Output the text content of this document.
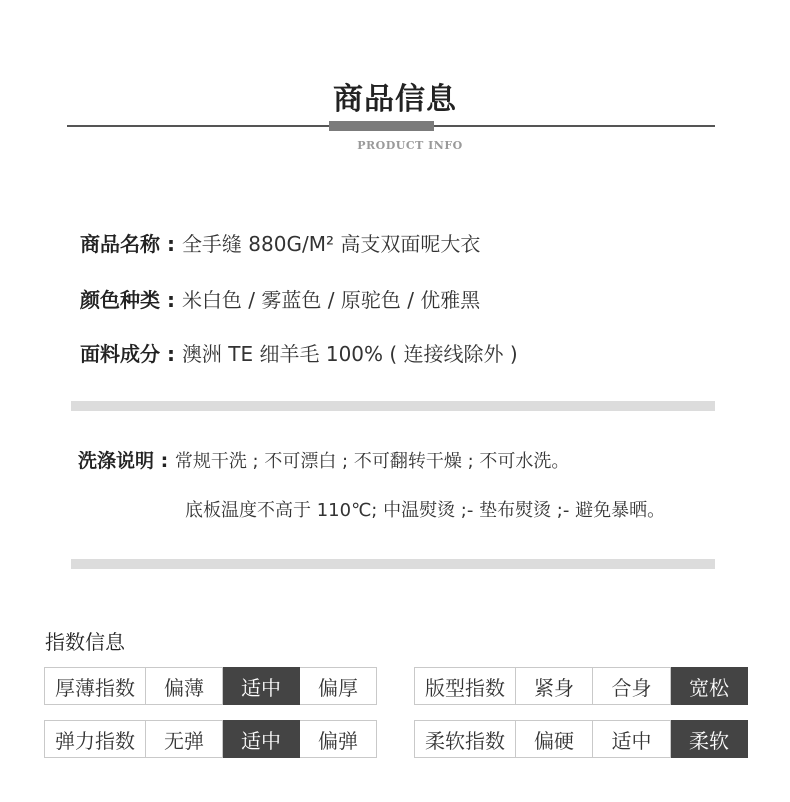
商品信息
PRODUCT INFO
商品名称 : 全手缝 880G/M² 高支双面呢大衣
颜色种类 : 米白色 / 雾蓝色 / 原驼色 / 优雅黑
面料成分 : 澳洲 TE 细羊毛 100% ( 连接线除外 )
洗涤说明 : 常规干洗 ; 不可漂白 ; 不可翻转干燥 ; 不可水洗。
底板温度不高于 110℃; 中温熨烫 ;- 垫布熨烫 ;- 避免暴晒。
指数信息
厚薄指数	偏薄	适中	偏厚
弹力指数	无弹	适中	偏弹
版型指数	紧身	合身	宽松
柔软指数	偏硬	适中	柔软
